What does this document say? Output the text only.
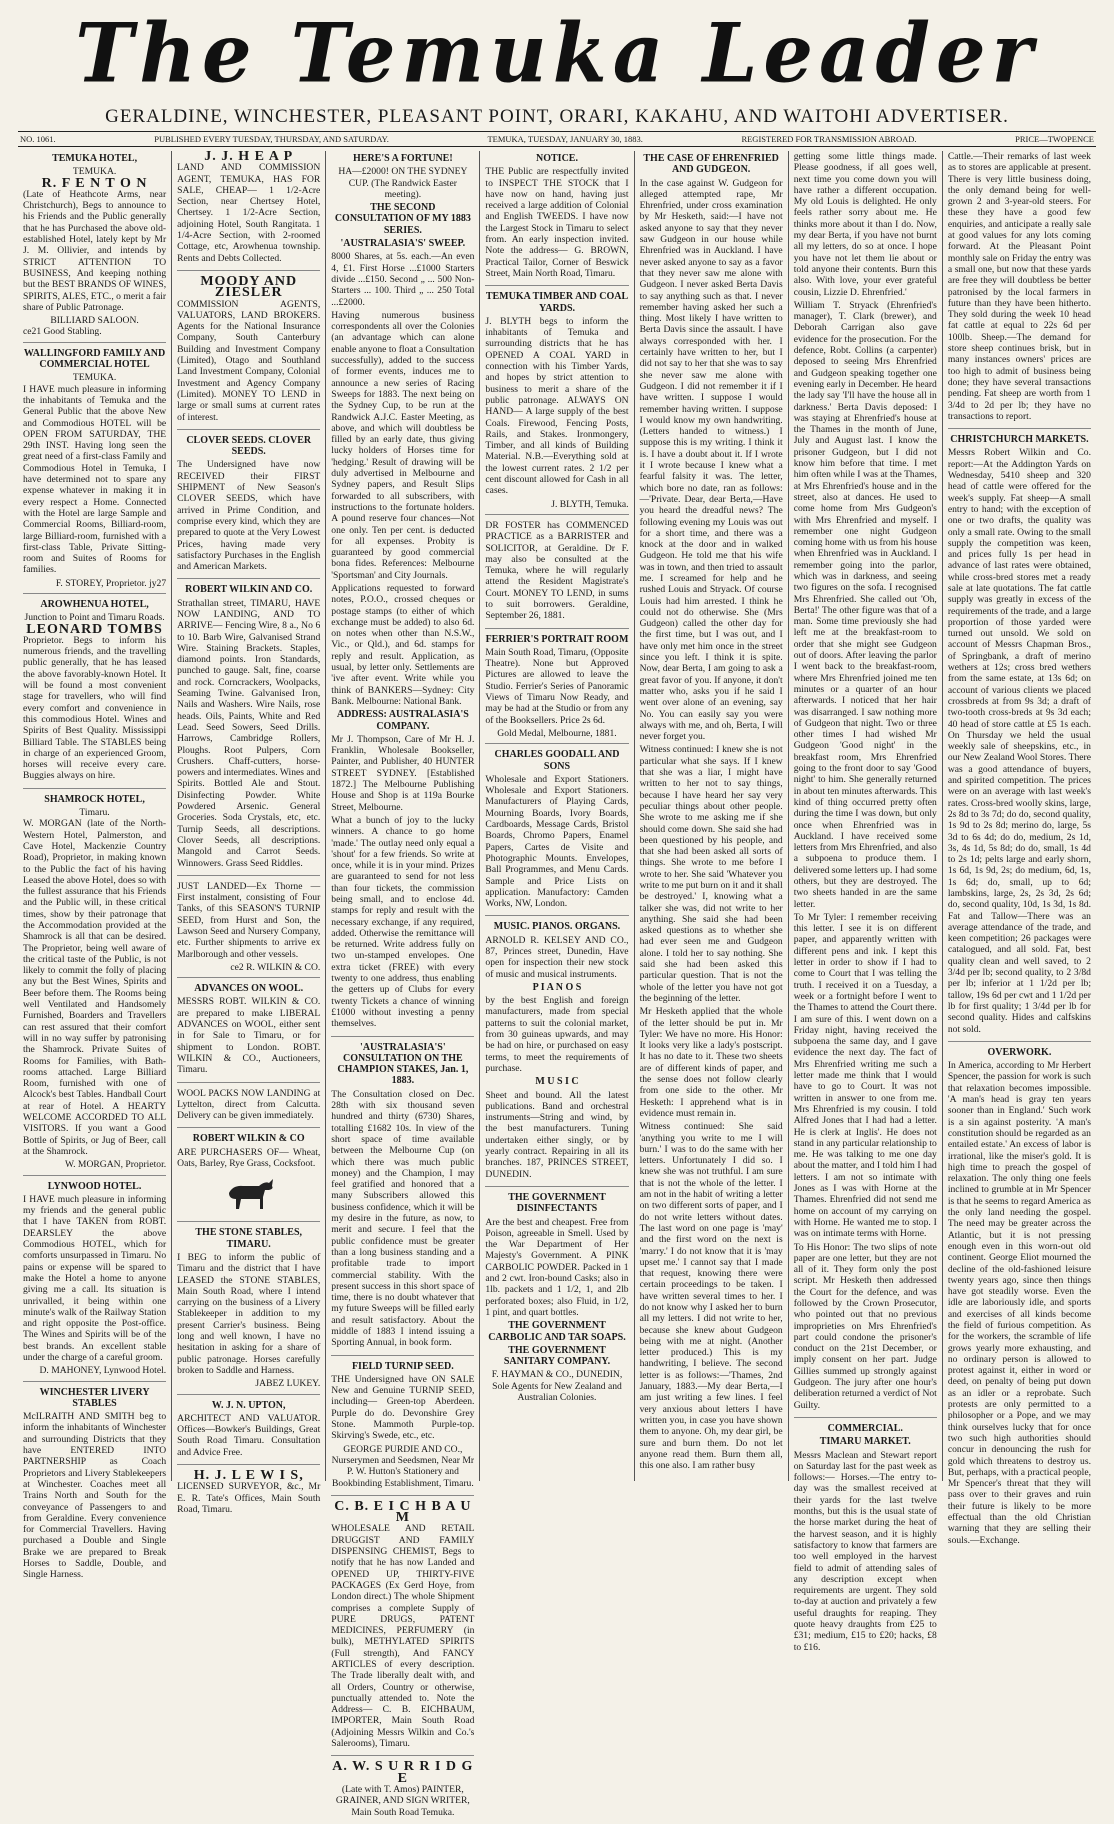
The Temuka Leader
GERALDINE, WINCHESTER, PLEASANT POINT, ORARI, KAKAHU, AND WAITOHI ADVERTISER.
NO. 1061.	PUBLISHED EVERY TUESDAY, THURSDAY, AND SATURDAY.	TEMUKA, TUESDAY, JANUARY 30, 1883.	REGISTERED FOR TRANSMISSION ABROAD.	PRICE—TWOPENCE
TEMUKA HOTEL,
TEMUKA.
R. F E N T O N

(Late of Heathcote Arms, near Christchurch), Begs to announce to his Friends and the Public generally that he has Purchased the above old-established Hotel, lately kept by Mr J. M. Ollivier, and intends by STRICT ATTENTION TO BUSINESS, And keeping nothing but the BEST BRANDS OF WINES, SPIRITS, ALES, ETC., o merit a fair share of Public Patronage.

BILLIARD SALOON.
ce21 Good Stabling.
WALLINGFORD FAMILY AND COMMERCIAL HOTEL
TEMUKA.

I HAVE much pleasure in informing the inhabitants of Temuka and the General Public that the above New and Commodious HOTEL will be OPEN FROM SATURDAY, THE 29th INST. Having long seen the great need of a first-class Family and Commodious Hotel in Temuka, I have determined not to spare any expense whatever in making it in every respect a Home. Connected with the Hotel are large Sample and Commercial Rooms, Billiard-room, large Billiard-room, furnished with a first-class Table, Private Sitting-room and Suites of Rooms for families.

F. STOREY, Proprietor. jy27
AROWHENUA HOTEL,
Junction to Point and Timaru Roads.
LEONARD TOMBS

Proprietor. Begs to inform his numerous friends, and the travelling public generally, that he has leased the above favorably-known Hotel. It will be found a most convenient stage for travellers, who will find every comfort and convenience in this commodious Hotel. Wines and Spirits of Best Quality. Mississippi Billiard Table. The STABLES being in charge of an experienced Groom, horses will receive every care. Buggies always on hire.

SHAMROCK HOTEL,
Timaru.

W. MORGAN (late of the North-Western Hotel, Palmerston, and Cave Hotel, Mackenzie Country Road), Proprietor, in making known to the Public the fact of his having Leased the above Hotel, does so with the fullest assurance that his Friends and the Public will, in these critical times, show by their patronage that the Accommodation provided at the Shamrock is all that can be desired. The Proprietor, being well aware of the critical taste of the Public, is not likely to commit the folly of placing any but the Best Wines, Spirits and Beer before them. The Rooms being well Ventilated and Handsomely Furnished, Boarders and Travellers can rest assured that their comfort will in no way suffer by patronising the Shamrock. Private Suites of Rooms for Families, with Bath-rooms attached. Large Billiard Room, furnished with one of Alcock's best Tables. Handball Court at rear of Hotel. A HEARTY WELCOME ACCORDED TO ALL VISITORS. If you want a Good Bottle of Spirits, or Jug of Beer, call at the Shamrock.

W. MORGAN, Proprietor.
LYNWOOD HOTEL.

I HAVE much pleasure in informing my friends and the general public that I have TAKEN from ROBT. DEARSLEY the above Commodious HOTEL, which for comforts unsurpassed in Timaru. No pains or expense will be spared to make the Hotel a home to anyone giving me a call. Its situation is unrivalled, it being within one minute's walk of the Railway Station and right opposite the Post-office. The Wines and Spirits will be of the best brands. An excellent stable under the charge of a careful groom.

D. MAHONEY, Lynwood Hotel.
WINCHESTER LIVERY STABLES

McILRAITH AND SMITH beg to inform the inhabitants of Winchester and surrounding Districts that they have ENTERED INTO PARTNERSHIP as Coach Proprietors and Livery Stablekeepers at Winchester. Coaches meet all Trains North and South for the conveyance of Passengers to and from Geraldine. Every convenience for Commercial Travellers. Having purchased a Double and Single Brake we are prepared to Break Horses to Saddle, Double, and Single Harness.

J. J. H E A P

LAND AND COMMISSION AGENT, TEMUKA, HAS FOR SALE, CHEAP— 1 1/2-Acre Section, near Chertsey Hotel, Chertsey. 1 1/2-Acre Section, adjoining Hotel, South Rangitata. 1 1/4-Acre Section, with 2-roomed Cottage, etc, Arowhenua township. Rents and Debts Collected.

MOODY AND ZIESLER

COMMISSION AGENTS, VALUATORS, LAND BROKERS. Agents for the National Insurance Company, South Canterbury Building and Investment Company (Limited), Otago and Southland Land Investment Company, Colonial Investment and Agency Company (Limited). MONEY TO LEND in large or small sums at current rates of interest.

CLOVER SEEDS. CLOVER SEEDS.

The Undersigned have now RECEIVED their FIRST SHIPMENT of New Season's CLOVER SEEDS, which have arrived in Prime Condition, and comprise every kind, which they are prepared to quote at the Very Lowest Prices, having made very satisfactory Purchases in the English and American Markets.

ROBERT WILKIN AND CO.

Strathallan street, TIMARU, HAVE NOW LANDING, AND TO ARRIVE— Fencing Wire, 8 a., No 6 to 10. Barb Wire, Galvanised Strand Wire. Staining Brackets. Staples, diamond points. Iron Standards, punched to gauge. Salt, fine, coarse and rock. Corncrackers, Woolpacks, Seaming Twine. Galvanised Iron, Nails and Washers. Wire Nails, rose heads. Oils, Paints, White and Red Lead. Seed Sowers, Seed Drills. Harrows, Cambridge Rollers, Ploughs. Root Pulpers, Corn Crushers. Chaff-cutters, horse-powers and intermediates. Wines and Spirits. Bottled Ale and Stout. Disinfecting Powder. White Powdered Arsenic. General Groceries. Soda Crystals, etc, etc. Turnip Seeds, all descriptions. Clover Seeds, all descriptions. Mangold and Carrot Seeds. Winnowers. Grass Seed Riddles.

JUST LANDED—Ex Thorne — First instalment, consisting of Four Tanks, of this SEASON'S TURNIP SEED, from Hurst and Son, the Lawson Seed and Nursery Company, etc. Further shipments to arrive ex Marlborough and other vessels.

ce2 R. WILKIN & CO.
ADVANCES ON WOOL.

MESSRS ROBT. WILKIN & CO. are prepared to make LIBERAL ADVANCES on WOOL, either sent in for Sale to Timaru, or for shipment to London. ROBT. WILKIN & CO., Auctioneers, Timaru.

WOOL PACKS NOW LANDING at Lyttelton, direct from Calcutta. Delivery can be given immediately.

ROBERT WILKIN & CO

ARE PURCHASERS OF— Wheat, Oats, Barley, Rye Grass, Cocksfoot.

THE STONE STABLES, TIMARU.

I BEG to inform the public of Timaru and the district that I have LEASED the STONE STABLES, Main South Road, where I intend carrying on the business of a Livery Stablekeeper in addition to my present Carrier's business. Being long and well known, I have no hesitation in asking for a share of public patronage. Horses carefully broken to Saddle and Harness.

JABEZ LUKEY.
W. J. N. UPTON,

ARCHITECT AND VALUATOR. Offices—Bowker's Buildings, Great South Road Timaru. Consultation and Advice Free.

H. J. L E W I S,

LICENSED SURVEYOR, &c., Mr E. R. Tate's Offices, Main South Road, Timaru.

HERE'S A FORTUNE!
HA—£2000! ON THE SYDNEY CUP. (The Randwick Easter meeting).
THE SECOND CONSULTATION OF MY 1883 SERIES.
'AUSTRALASIA'S' SWEEP.

8000 Shares, at 5s. each.—An even 4, £1. First Horse ...£1000 Starters divide ...£150. Second „ ... 500 Non-Starters ... 100. Third „ ... 250 Total ...£2000.

Having numerous business correspondents all over the Colonies (an advantage which can alone enable anyone to float a Consultation successfully), added to the success of former events, induces me to announce a new series of Racing Sweeps for 1883. The next being on the Sydney Cup, to be run at the Randwick A.J.C. Easter Meeting, as above, and which will doubtless be filled by an early date, thus giving lucky holders of Horses time for 'hedging.' Result of drawing will be duly advertised in Melbourne and Sydney papers, and Result Slips forwarded to all subscribers, with instructions to the fortunate holders. A pound reserve four chances—Not one only. Ten per cent. is deducted for all expenses. Probity is guaranteed by good commercial bona fides. References: Melbourne 'Sportsman' and City Journals.

Applications requested to forward notes, P.O.O., crossed cheques or postage stamps (to either of which exchange must be added) to also 6d. on notes when other than N.S.W., Vic., or Qld.), and 6d. stamps for reply and result. Application, as usual, by letter only. Settlements are 'ive after event. Write while you think of BANKERS—Sydney: City Bank. Melbourne: National Bank.

ADDRESS: AUSTRALASIA'S COMPANY.

Mr J. Thompson, Care of Mr H. J. Franklin, Wholesale Bookseller, Painter, and Publisher, 40 HUNTER STREET SYDNEY. [Established 1872.] The Melbourne Publishing House and Shop is at 119a Bourke Street, Melbourne.

What a bunch of joy to the lucky winners. A chance to go home 'made.' The outlay need only equal a 'shout' for a few friends. So write at once, while it is in your mind. Prizes are guaranteed to send for not less than four tickets, the commission being small, and to enclose 4d. stamps for reply and result with the necessary exchange, if any required, added. Otherwise the remittance will be returned. Write address fully on two un-stamped envelopes. One extra ticket (FREE) with every twenty to one address, thus enabling the getters up of Clubs for every twenty Tickets a chance of winning £1000 without investing a penny themselves.

'AUSTRALASIA'S' CONSULTATION ON THE CHAMPION STAKES, Jan. 1, 1883.

The Consultation closed on Dec. 28th with six thousand seven hundred and thirty (6730) Shares, totalling £1682 10s. In view of the short space of time available between the Melbourne Cup (on which there was much public money) and the Champion, I may feel gratified and honored that a many Subscribers allowed this business confidence, which it will be my desire in the future, as now, to merit and secure. I feel that the public confidence must be greater than a long business standing and a profitable trade to import commercial stability. With the present success in this short space of time, there is no doubt whatever that my future Sweeps will be filled early and result satisfactory. About the middle of 1883 I intend issuing a Sporting Annual, in book form.

FIELD TURNIP SEED.

THE Undersigned have ON SALE New and Genuine TURNIP SEED, including— Green-top Aberdeen. Purple do do. Devonshire Grey Stone. Mammoth Purple-top. Skirving's Swede, etc., etc.

GEORGE PURDIE AND CO., Nurserymen and Seedsmen, Near Mr P. W. Hutton's Stationery and Bookbinding Establishment, Timaru.

C. B. E I C H B A U M

WHOLESALE AND RETAIL DRUGGIST AND FAMILY DISPENSING CHEMIST, Begs to notify that he has now Landed and OPENED UP, THIRTY-FIVE PACKAGES (Ex Gerd Hoye, from London direct.) The whole Shipment comprises a complete Supply of PURE DRUGS, PATENT MEDICINES, PERFUMERY (in bulk), METHYLATED SPIRITS (Full strength), And FANCY ARTICLES of every description. The Trade liberally dealt with, and all Orders, Country or otherwise, punctually attended to. Note the Address— C. B. EICHBAUM, IMPORTER, Main South Road (Adjoining Messrs Wilkin and Co.'s Salerooms), Timaru.

A. W. S U R R I D G E

(Late with T. Amos) PAINTER, GRAINER, AND SIGN WRITER, Main South Road Temuka.

NOTICE.

THE Public are respectfully invited to INSPECT THE STOCK that I have now on hand, having just received a large addition of Colonial and English TWEEDS. I have now the Largest Stock in Timaru to select from. An early inspection invited. Note the address— G. BROWN, Practical Tailor, Corner of Beswick Street, Main North Road, Timaru.

TEMUKA TIMBER AND COAL YARDS.

J. BLYTH begs to inform the inhabitants of Temuka and surrounding districts that he has OPENED A COAL YARD in connection with his Timber Yards, and hopes by strict attention to business to merit a share of the public patronage. ALWAYS ON HAND— A large supply of the best Coals. Firewood, Fencing Posts, Rails, and Stakes. Ironmongery, Timber, and all kinds of Building Material. N.B.—Everything sold at the lowest current rates. 2 1/2 per cent discount allowed for Cash in all cases.

J. BLYTH, Temuka.

DR FOSTER has COMMENCED PRACTICE as a BARRISTER and SOLICITOR, at Geraldine. Dr F. may also be consulted at the Temuka, where he will regularly attend the Resident Magistrate's Court. MONEY TO LEND, in sums to suit borrowers. Geraldine, September 26, 1881.

FERRIER'S PORTRAIT ROOM

Main South Road, Timaru, (Opposite Theatre). None but Approved Pictures are allowed to leave the Studio. Ferrier's Series of Panoramic Views of Timaru Now Ready, and may be had at the Studio or from any of the Booksellers. Price 2s 6d.

Gold Medal, Melbourne, 1881.
CHARLES GOODALL AND SONS

Wholesale and Export Stationers. Wholesale and Export Stationers. Manufacturers of Playing Cards, Mourning Boards, Ivory Boards, Cardboards, Message Cards, Bristol Boards, Chromo Papers, Enamel Papers, Cartes de Visite and Photographic Mounts. Envelopes, Ball Programmes, and Menu Cards. Sample and Price Lists on application. Manufactory: Camden Works, NW, London.

MUSIC. PIANOS. ORGANS.

ARNOLD R. KELSEY AND CO., 87, Princes street, Dunedin, Have open for inspection their new stock of music and musical instruments.

P I A N O S

by the best English and foreign manufacturers, made from special patterns to suit the colonial market, from 30 guineas upwards, and may be had on hire, or purchased on easy terms, to meet the requirements of purchase.

M U S I C

Sheet and bound. All the latest publications. Band and orchestral instruments—String and wind, by the best manufacturers. Tuning undertaken either singly, or by yearly contract. Repairing in all its branches. 187, PRINCES STREET, DUNEDIN.

THE GOVERNMENT DISINFECTANTS

Are the best and cheapest. Free from Poison, agreeable in Smell. Used by the War Department of Her Majesty's Government. A PINK CARBOLIC POWDER. Packed in 1 and 2 cwt. Iron-bound Casks; also in 1lb. packets and 1 1/2, 1, and 2lb perforated boxes; also Fluid, in 1/2, 1 pint, and quart bottles.

THE GOVERNMENT CARBOLIC AND TAR SOAPS.
THE GOVERNMENT SANITARY COMPANY.

F. HAYMAN & CO., DUNEDIN, Sole Agents for New Zealand and Australian Colonies.

THE CASE OF EHRENFRIED AND GUDGEON.

In the case against W. Gudgeon for alleged attempted rape, Mr Ehrenfried, under cross examination by Mr Hesketh, said:—I have not asked anyone to say that they never saw Gudgeon in our house while Ehrenfried was in Auckland. I have never asked anyone to say as a favor that they never saw me alone with Gudgeon. I never asked Berta Davis to say anything such as that. I never remember having asked her such a thing. Most likely I have written to Berta Davis since the assault. I have always corresponded with her. I certainly have written to her, but I did not say to her that she was to say she never saw me alone with Gudgeon. I did not remember it if I have written. I suppose I would remember having written. I suppose I would know my own handwriting. (Letters handed to witness.) I suppose this is my writing. I think it is. I have a doubt about it. If I wrote it I wrote because I knew what a fearful falsity it was. The letter, which bore no date, ran as follows:—'Private. Dear, dear Berta,—Have you heard the dreadful news? The following evening my Louis was out for a short time, and there was a knock at the door and in walked Gudgeon. He told me that his wife was in town, and then tried to assault me. I screamed for help and he rushed Louis and Stryack. Of course Louis had him arrested. I think he could not do otherwise. She (Mrs Gudgeon) called the other day for the first time, but I was out, and I have only met him once in the street since you left. I think it is spite. Now, dear Berta, I am going to ask a great favor of you. If anyone, it don't matter who, asks you if he said I went over alone of an evening, say No. You can easily say you were always with me, and oh, Berta, I will never forget you.

Witness continued: I knew she is not particular what she says. If I knew that she was a liar, I might have written to her not to say things, because I have heard her say very peculiar things about other people. She wrote to me asking me if she should come down. She said she had been questioned by his people, and that she had been asked all sorts of things. She wrote to me before I wrote to her. She said 'Whatever you write to me put burn on it and it shall be destroyed.' I, knowing what a talker she was, did not write to her anything. She said she had been asked questions as to whether she had ever seen me and Gudgeon alone. I told her to say nothing. She said she had been asked this particular question. That is not the whole of the letter you have not got the beginning of the letter.

Mr Hesketh applied that the whole of the letter should be put in. Mr Tyler: We have no more. His Honor: It looks very like a lady's postscript. It has no date to it. These two sheets are of different kinds of paper, and the sense does not follow clearly from one side to the other. Mr Hesketh: I apprehend what is in evidence must remain in.

Witness continued: She said 'anything you write to me I will burn.' I was to do the same with her letters. Unfortunately I did so. I knew she was not truthful. I am sure that is not the whole of the letter. I am not in the habit of writing a letter on two different sorts of paper, and I do not write letters without dates. The last word on one page is 'may' and the first word on the next is 'marry.' I do not know that it is 'may upset me.' I cannot say that I made that request, knowing there were certain proceedings to be taken. I have written several times to her. I do not know why I asked her to burn all my letters. I did not write to her, because she knew about Gudgeon being with me at night. (Another letter produced.) This is my handwriting, I believe. The second letter is as follows:—'Thames, 2nd January, 1883.—My dear Berta,—I am just writing a few lines. I feel very anxious about letters I have written you, in case you have shown them to anyone. Oh, my dear girl, be sure and burn them. Do not let anyone read them. Burn them all, this one also. I am rather busy

getting some little things made. Please goodness, if all goes well, next time you come down you will have rather a different occupation. My old Louis is delighted. He only feels rather sorry about me. He thinks more about it than I do. Now, my dear Berta, if you have not burnt all my letters, do so at once. I hope you have not let them lie about or told anyone their contents. Burn this also. With love, your ever grateful cousin, Lizzie D. Ehrenfried.'

William T. Stryack (Ehrenfried's manager), T. Clark (brewer), and Deborah Carrigan also gave evidence for the prosecution. For the defence, Robt. Collins (a carpenter) deposed to seeing Mrs Ehrenfried and Gudgeon speaking together one evening early in December. He heard the lady say 'I'll have the house all in darkness.' Berta Davis deposed: I was staying at Ehrenfried's house at the Thames in the month of June, July and August last. I know the prisoner Gudgeon, but I did not know him before that time. I met him often while I was at the Thames, at Mrs Ehrenfried's house and in the street, also at dances. He used to come home from Mrs Gudgeon's with Mrs Ehrenfried and myself. I remember one night Gudgeon coming home with us from his house when Ehrenfried was in Auckland. I remember going into the parlor, which was in darkness, and seeing two figures on the sofa. I recognised Mrs Ehrenfried. She called out 'Oh, Berta!' The other figure was that of a man. Some time previously she had left me at the breakfast-room to order that she might see Gudgeon out of doors. After leaving the parlor I went back to the breakfast-room, where Mrs Ehrenfried joined me ten minutes or a quarter of an hour afterwards. I noticed that her hair was disarranged. I saw nothing more of Gudgeon that night. Two or three other times I had wished Mr Gudgeon 'Good night' in the breakfast room, Mrs Ehrenfried going to the front door to say 'Good night' to him. She generally returned in about ten minutes afterwards. This kind of thing occurred pretty often during the time I was down, but only once when Ehrenfried was in Auckland. I have received some letters from Mrs Ehrenfried, and also a subpoena to produce them. I delivered some letters up. I had some others, but they are destroyed. The two sheets handed in are the same letter.

To Mr Tyler: I remember receiving this letter. I see it is on different paper, and apparently written with different pens and ink. I kept this letter in order to show if I had to come to Court that I was telling the truth. I received it on a Tuesday, a week or a fortnight before I went to the Thames to attend the Court there. I am sure of this. I went down on a Friday night, having received the subpoena the same day, and I gave evidence the next day. The fact of Mrs Ehrenfried writing me such a letter made me think that I would have to go to Court. It was not written in answer to one from me. Mrs Ehrenfried is my cousin. I told Alfred Jones that I had had a letter. He is clerk at Inglis'. He does not stand in any particular relationship to me. He was talking to me one day about the matter, and I told him I had letters. I am not so intimate with Jones as I was with Horne at the Thames. Ehrenfried did not send me home on account of my carrying on with Horne. He wanted me to stop. I was on intimate terms with Horne.

To His Honor: The two slips of note paper are one letter, but they are not all of it. They form only the post script. Mr Hesketh then addressed the Court for the defence, and was followed by the Crown Prosecutor, who pointed out that no previous improprieties on Mrs Ehrenfried's part could condone the prisoner's conduct on the 21st December, or imply consent on her part. Judge Gillies summed up strongly against Gudgeon. The jury after one hour's deliberation returned a verdict of Not Guilty.

COMMERCIAL.
TIMARU MARKET.

Messrs Maclean and Stewart report on Saturday last for the past week as follows:— Horses.—The entry to-day was the smallest received at their yards for the last twelve months, but this is the usual state of the horse market during the heat of the harvest season, and it is highly satisfactory to know that farmers are too well employed in the harvest field to admit of attending sales of any description except when requirements are urgent. They sold to-day at auction and privately a few useful draughts for reaping. They quote heavy draughts from £25 to £31; medium, £15 to £20; hacks, £8 to £16.

Cattle.—Their remarks of last week as to stores are applicable at present. There is very little business doing, the only demand being for well-grown 2 and 3-year-old steers. For these they have a good few enquiries, and anticipate a really sale at good values for any lots coming forward. At the Pleasant Point monthly sale on Friday the entry was a small one, but now that these yards are free they will doubtless be better patronised by the local farmers in future than they have been hitherto. They sold during the week 10 head fat cattle at equal to 22s 6d per 100lb. Sheep.—The demand for store sheep continues brisk, but in many instances owners' prices are too high to admit of business being done; they have several transactions pending. Fat sheep are worth from 1 3/4d to 2d per lb; they have no transactions to report.

CHRISTCHURCH MARKETS.

Messrs Robert Wilkin and Co. report:—At the Addington Yards on Wednesday, 5410 sheep and 320 head of cattle were offered for the week's supply. Fat sheep—A small entry to hand; with the exception of one or two drafts, the quality was only a small rate. Owing to the small supply the competition was keen, and prices fully 1s per head in advance of last rates were obtained, while cross-bred stores met a ready sale at late quotations. The fat cattle supply was greatly in excess of the requirements of the trade, and a large proportion of those yarded were turned out unsold. We sold on account of Messrs Chapman Bros., of Springbank, a draft of merino wethers at 12s; cross bred wethers from the same estate, at 13s 6d; on account of various clients we placed crossbreds at from 9s 3d; a draft of two-tooth cross-breds at 9s 3d each; 40 head of store cattle at £5 1s each. On Thursday we held the usual weekly sale of sheepskins, etc., in our New Zealand Wool Stores. There was a good attendance of buyers, and spirited competition. The prices were on an average with last week's rates. Cross-bred woolly skins, large, 2s 8d to 3s 7d; do do, second quality, 1s 9d to 2s 8d; merino do, large, 5s 3d to 6s 4d; do do, medium, 2s 1d, 3s, 4s 1d, 5s 8d; do do, small, 1s 4d to 2s 1d; pelts large and early shorn, 1s 6d, 1s 9d, 2s; do medium, 6d, 1s, 1s 6d; do, small, up to 6d; lambskins, large, 2s, 2s 3d, 2s 6d; do, second quality, 10d, 1s 3d, 1s 8d. Fat and Tallow—There was an average attendance of the trade, and keen competition; 26 packages were catalogued, and all sold. Fat, best quality clean and well saved, to 2 3/4d per lb; second quality, to 2 3/8d per lb; inferior at 1 1/2d per lb; tallow, 19s 6d per cwt and 1 1/2d per lb for first quality; 1 3/4d per lb for second quality. Hides and calfskins not sold.

OVERWORK.

In America, according to Mr Herbert Spencer, the passion for work is such that relaxation becomes impossible. 'A man's head is gray ten years sooner than in England.' Such work is a sin against posterity. 'A man's constitution should be regarded as an entailed estate.' An excess of labor is irrational, like the miser's gold. It is high time to preach the gospel of relaxation. The only thing one feels inclined to grumble at in Mr Spencer is that he seems to regard America as the only land needing the gospel. The need may be greater across the Atlantic, but it is not pressing enough even in this worn-out old continent. George Eliot mourned the decline of the old-fashioned leisure twenty years ago, since then things have got steadily worse. Even the idle are laboriously idle, and sports and exercises of all kinds become the field of furious competition. As for the workers, the scramble of life grows yearly more exhausting, and no ordinary person is allowed to protest against it, either in word or deed, on penalty of being put down as an idler or a reprobate. Such protests are only permitted to a philosopher or a Pope, and we may think ourselves lucky that for once two such high authorities should concur in denouncing the rush for gold which threatens to destroy us. But, perhaps, with a practical people, Mr Spencer's threat that they will pass over to their graves and ruin their future is likely to be more effectual than the old Christian warning that they are selling their souls.—Exchange.
